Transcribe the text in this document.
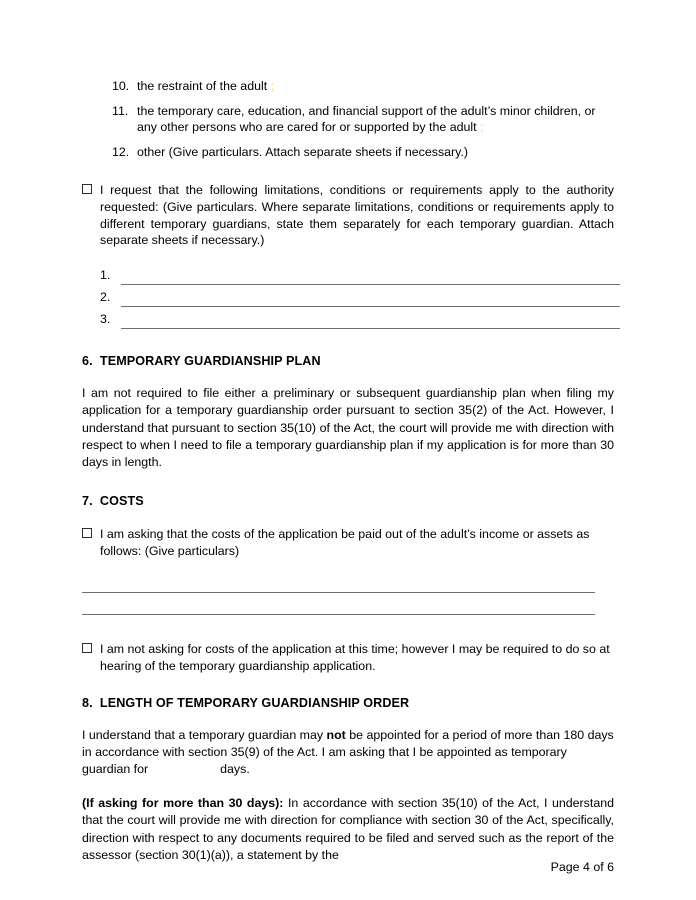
10. the restraint of the adult ;
11. the temporary care, education, and financial support of the adult’s minor children, or any other persons who are cared for or supported by the adult ;
12. other (Give particulars. Attach separate sheets if necessary.)
I request that the following limitations, conditions or requirements apply to the authority requested: (Give particulars. Where separate limitations, conditions or requirements apply to different temporary guardians, state them separately for each temporary guardian. Attach separate sheets if necessary.)
1.
2.
3.
6.  TEMPORARY GUARDIANSHIP PLAN

I am not required to file either a preliminary or subsequent guardianship plan when filing my application for a temporary guardianship order pursuant to section 35(2) of the Act. However, I understand that pursuant to section 35(10) of the Act, the court will provide me with direction with respect to when I need to file a temporary guardianship plan if my application is for more than 30 days in length.

7.  COSTS
I am asking that the costs of the application be paid out of the adult’s income or assets as follows: (Give particulars)
I am not asking for costs of the application at this time; however I may be required to do so at hearing of the temporary guardianship application.
8.  LENGTH OF TEMPORARY GUARDIANSHIP ORDER

I understand that a temporary guardian may not be appointed for a period of more than 180 days in accordance with section 35(9) of the Act. I am asking that I be appointed as temporary guardian for	days.

(If asking for more than 30 days): In accordance with section 35(10) of the Act, I understand that the court will provide me with direction for compliance with section 30 of the Act, specifically, direction with respect to any documents required to be filed and served such as the report of the assessor (section 30(1)(a)), a statement by the

Page 4 of 6
